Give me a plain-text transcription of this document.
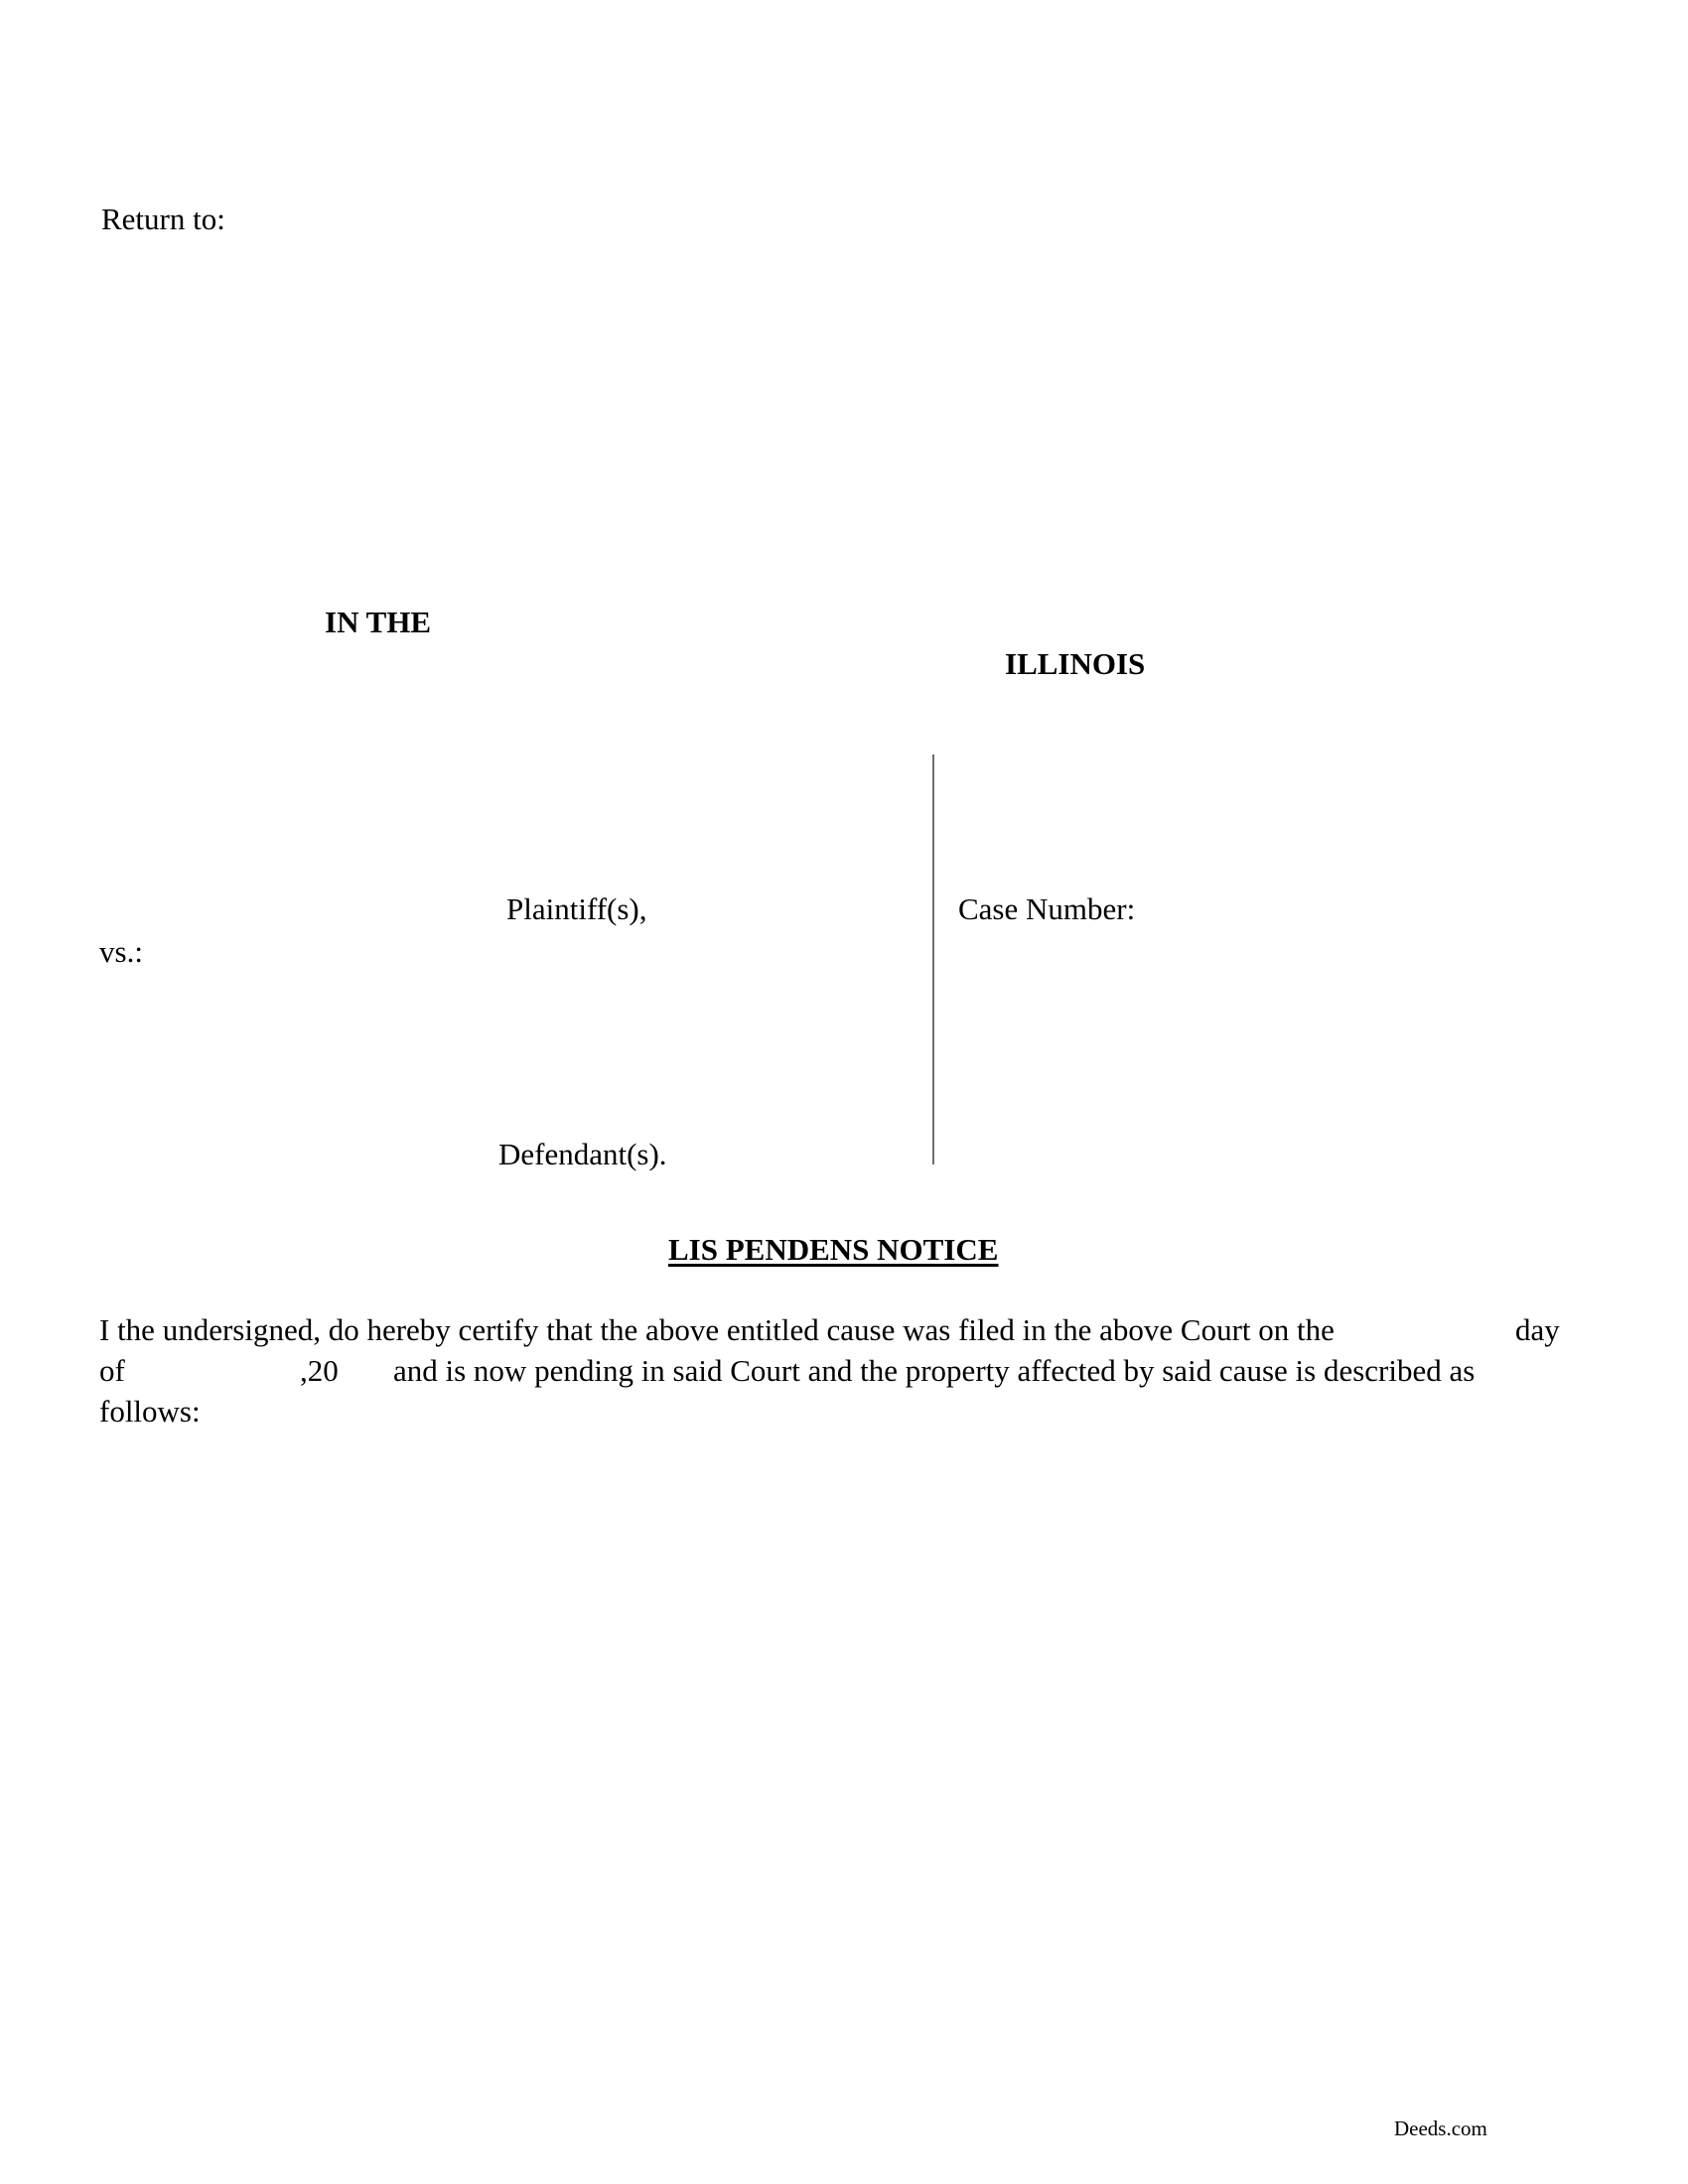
Return to:
IN THE
ILLINOIS
Plaintiff(s),	Case Number:
vs.:
Defendant(s).
LIS PENDENS NOTICE
I the undersigned, do hereby certify that the above entitled cause was filed in the above Court on the	day
of	,20 and is now pending in said Court and the property affected by said cause is described as
follows:
Deeds.com
